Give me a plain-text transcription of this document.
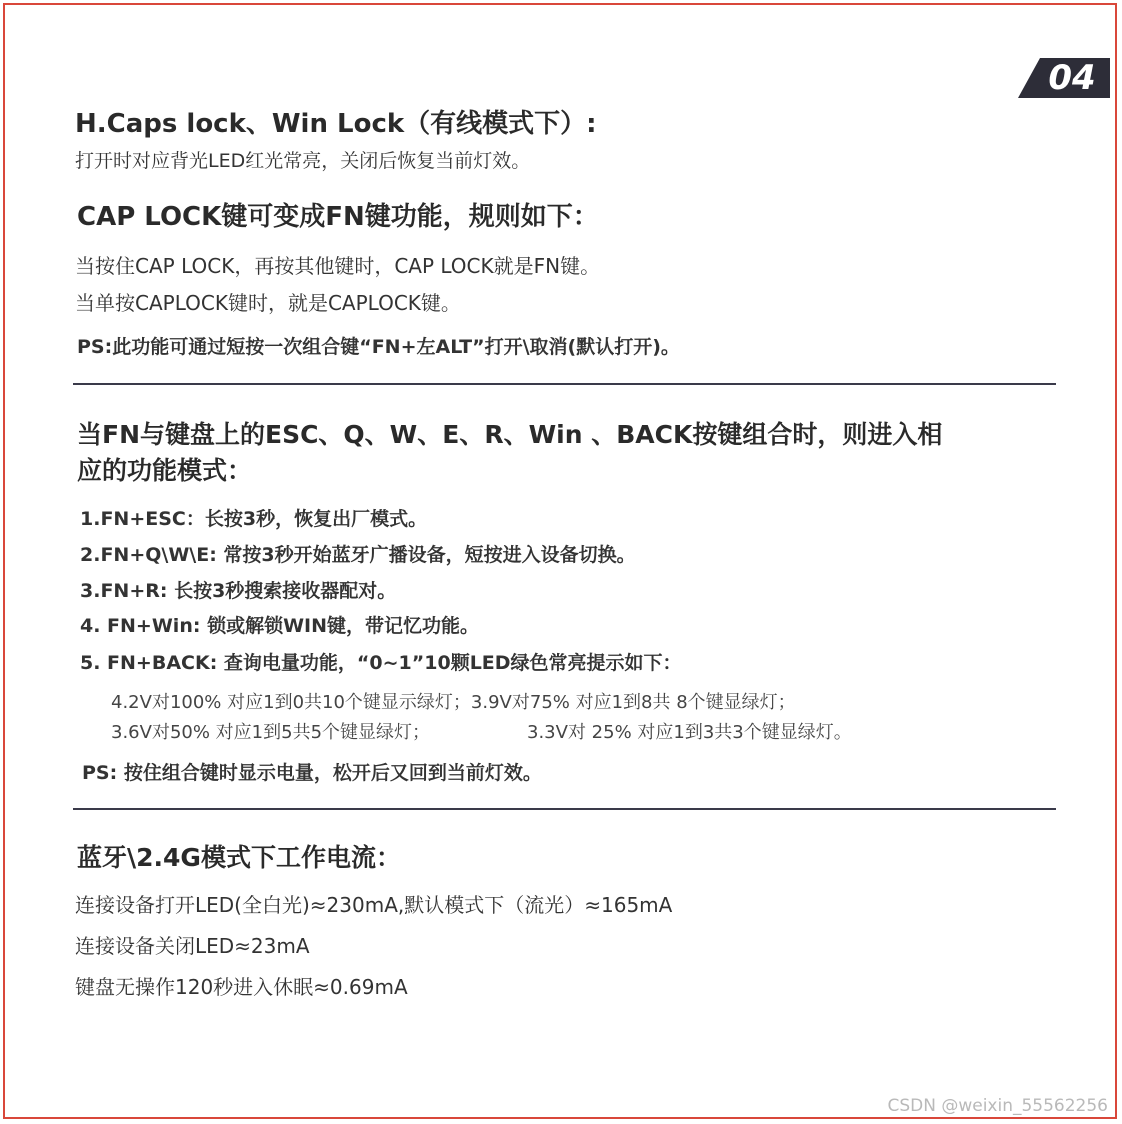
04
H.Caps lock、Win Lock（有线模式下）:
打开时对应背光LED红光常亮，关闭后恢复当前灯效。
CAP LOCK键可变成FN键功能，规则如下：
当按住CAP LOCK，再按其他键时，CAP LOCK就是FN键。
当单按CAPLOCK键时，就是CAPLOCK键。
PS:此功能可通过短按一次组合键“FN+左ALT”打开\取消(默认打开)。
当FN与键盘上的ESC、Q、W、E、R、Win 、BACK按键组合时，则进入相
应的功能模式：
1.FN+ESC：长按3秒，恢复出厂模式。
2.FN+Q\W\E: 常按3秒开始蓝牙广播设备，短按进入设备切换。
3.FN+R: 长按3秒搜索接收器配对。
4. FN+Win: 锁或解锁WIN键，带记忆功能。
5. FN+BACK: 查询电量功能，“0~1”10颗LED绿色常亮提示如下：
4.2V对100% 对应1到0共10个键显示绿灯；3.9V对75% 对应1到8共 8个键显绿灯；
3.6V对50% 对应1到5共5个键显绿灯；	3.3V对 25% 对应1到3共3个键显绿灯。
PS: 按住组合键时显示电量，松开后又回到当前灯效。
蓝牙\2.4G模式下工作电流：
连接设备打开LED(全白光)≈230mA,默认模式下（流光）≈165mA
连接设备关闭LED≈23mA
键盘无操作120秒进入休眠≈0.69mA
CSDN @weixin_55562256
